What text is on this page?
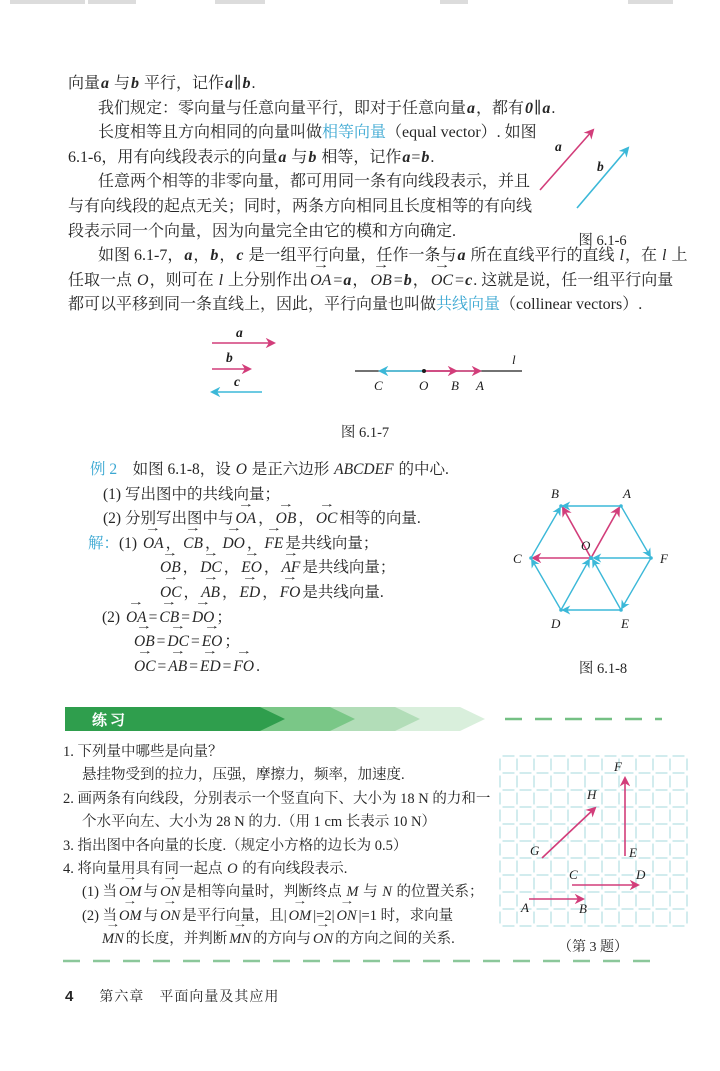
向量a 与b 平行，记作a∥b.
我们规定：零向量与任意向量平行，即对于任意向量a，都有0∥a.
长度相等且方向相同的向量叫做相等向量（equal vector）. 如图
6.1-6，用有向线段表示的向量a 与b 相等，记作a=b.
任意两个相等的非零向量，都可用同一条有向线段表示，并且
与有向线段的起点无关；同时，两条方向相同且长度相等的有向线
段表示同一个向量，因为向量完全由它的模和方向确定.
如图 6.1-7，a，b，c 是一组平行向量，任作一条与a 所在直线平行的直线 l，在 l 上
任取一点 O，则可在 l 上分别作出 → OA =a， → OB =b， → OC =c. 这就是说，任一组平行向量
都可以平移到同一条直线上，因此，平行向量也叫做共线向量（collinear vectors）.
a
b
图 6.1-6
a
b
c
l
C	O B A
图 6.1-7
例 2　如图 6.1-8，设 O 是正六边形 ABCDEF 的中心.
(1) 写出图中的共线向量；
(2) 分别写出图中与 → OA ， → OB ， → OC 相等的向量.
解：(1) → OA ， → CB ， → DO ， → FE 是共线向量；
→ OB ， → DC ， → EO ， → AF 是共线向量；
→ OC ， → AB ， → ED ， → FO 是共线向量.
(2) → OA = → CB = → DO ；
→ OB = → DC = → EO ；
→ OC = → AB = → ED = → FO .
B	A
C	F
D	E
O
图 6.1-8
练习
1. 下列量中哪些是向量？
悬挂物受到的拉力，压强，摩擦力，频率，加速度.
2. 画两条有向线段，分别表示一个竖直向下、大小为 18 N 的力和一
个水平向左、大小为 28 N 的力.（用 1 cm 长表示 10 N）
3. 指出图中各向量的长度.（规定小方格的边长为 0.5）
4. 将向量用具有同一起点 O 的有向线段表示.
(1) 当 → OM 与 → ON 是相等向量时，判断终点 M 与 N 的位置关系；
(2) 当 → OM 与 → ON 是平行向量，且| → OM |=2| → ON |=1 时，求向量
→ MN 的长度，并判断 → MN 的方向与 → ON 的方向之间的关系.
A	B
C	D
E
F
G
H
（第 3 题）
4 第六章　平面向量及其应用
